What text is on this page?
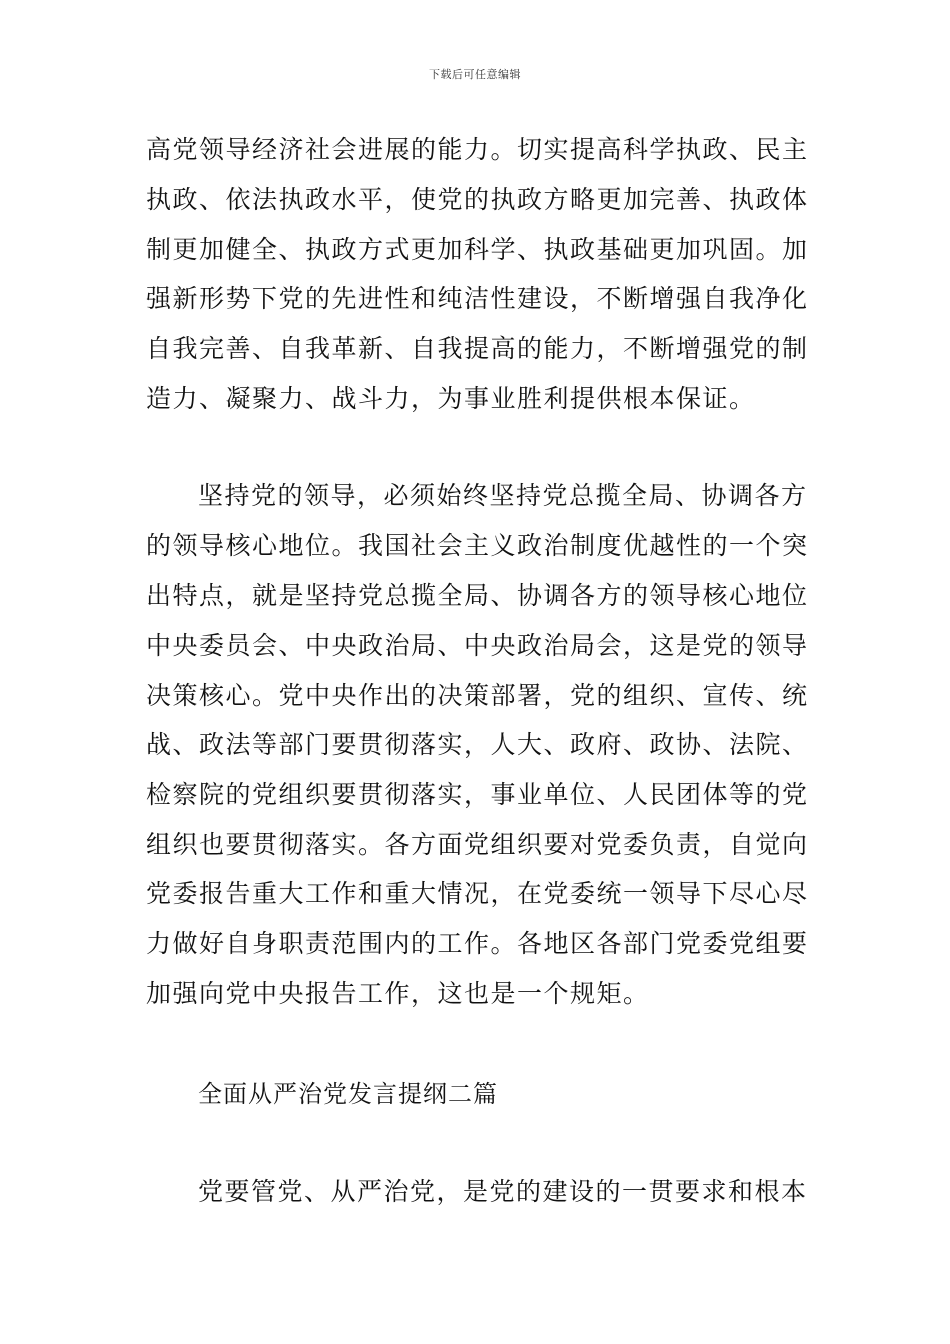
下载后可任意编辑
高党领导经济社会进展的能力。切实提高科学执政、民主
执政、依法执政水平，使党的执政方略更加完善、执政体
制更加健全、执政方式更加科学、执政基础更加巩固。加
强新形势下党的先进性和纯洁性建设，不断增强自我净化
自我完善、自我革新、自我提高的能力，不断增强党的制
造力、凝聚力、战斗力，为事业胜利提供根本保证。
坚持党的领导，必须始终坚持党总揽全局、协调各方
的领导核心地位。我国社会主义政治制度优越性的一个突
出特点，就是坚持党总揽全局、协调各方的领导核心地位
中央委员会、中央政治局、中央政治局会，这是党的领导
决策核心。党中央作出的决策部署，党的组织、宣传、统
战、政法等部门要贯彻落实，人大、政府、政协、法院、
检察院的党组织要贯彻落实，事业单位、人民团体等的党
组织也要贯彻落实。各方面党组织要对党委负责，自觉向
党委报告重大工作和重大情况，在党委统一领导下尽心尽
力做好自身职责范围内的工作。各地区各部门党委党组要
加强向党中央报告工作，这也是一个规矩。
全面从严治党发言提纲二篇
党要管党、从严治党，是党的建设的一贯要求和根本
